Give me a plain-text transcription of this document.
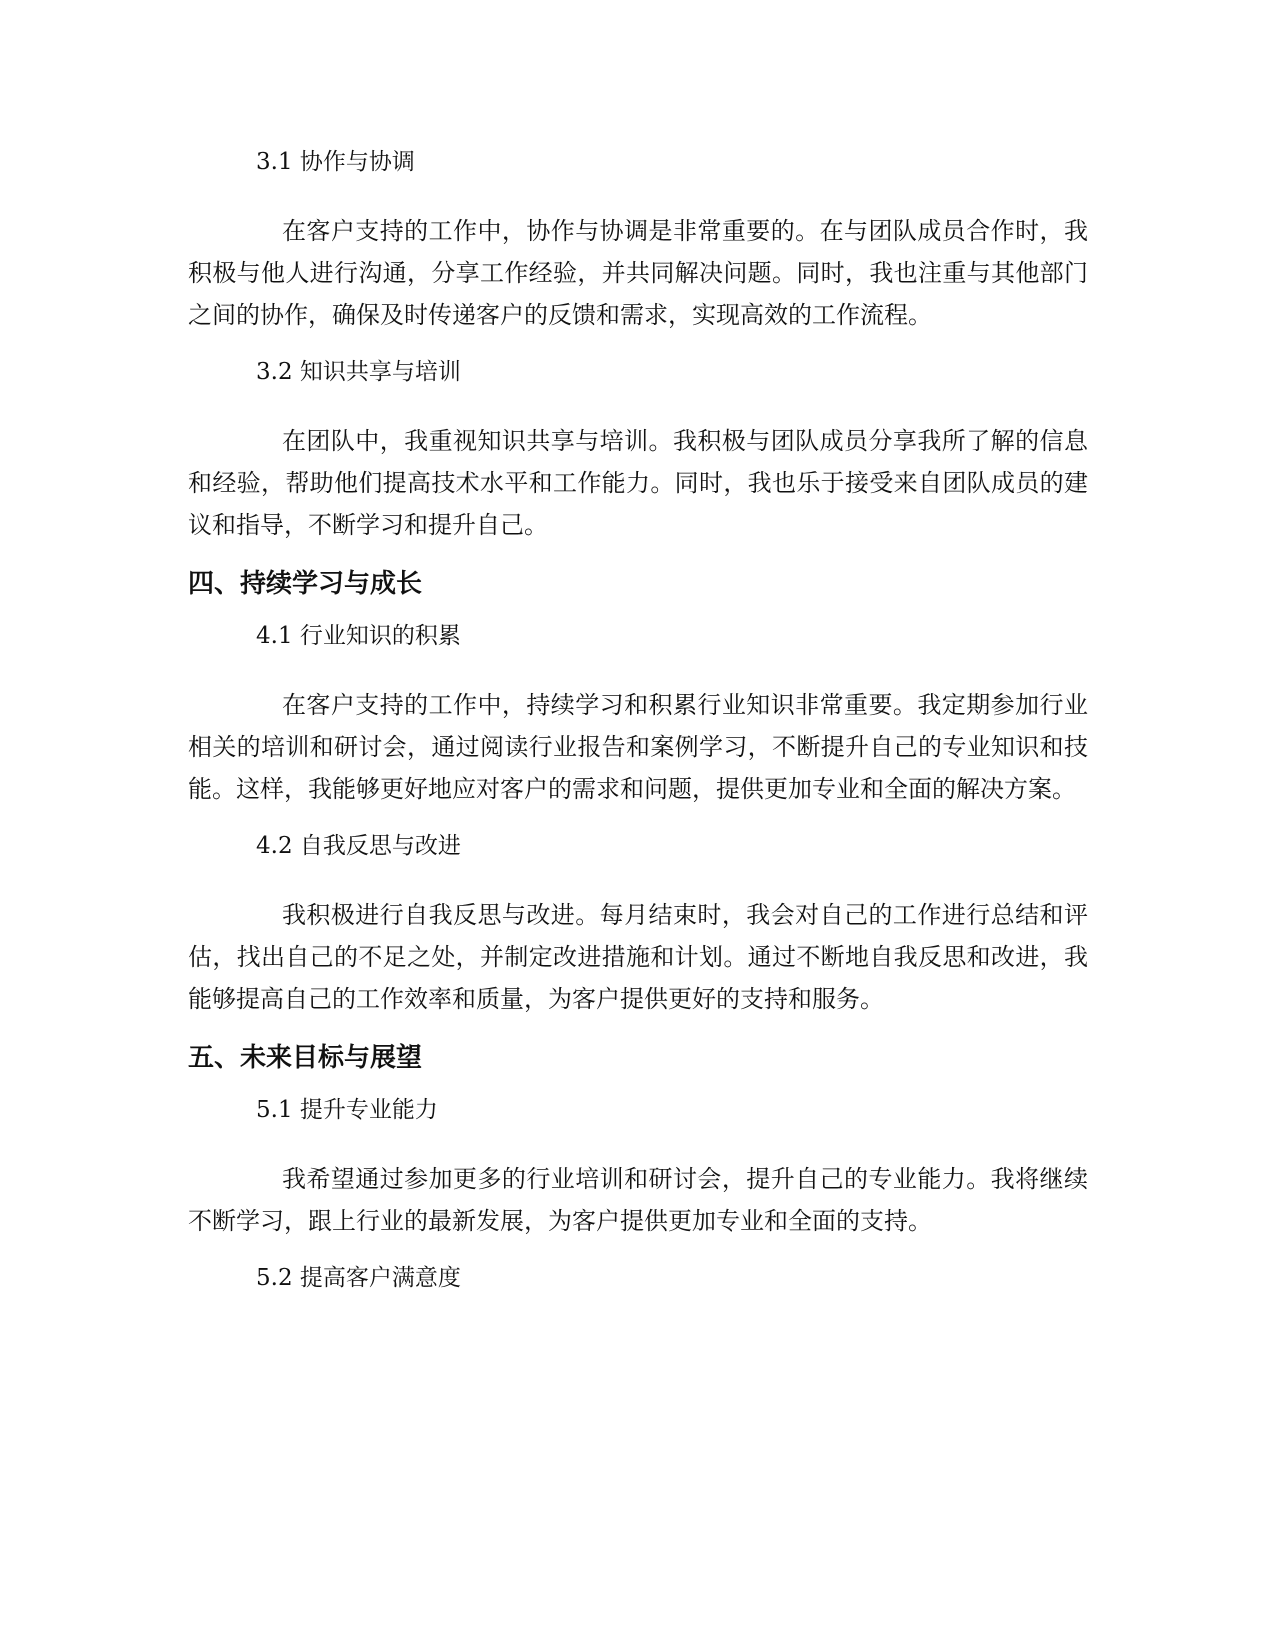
3.1 协作与协调

在客户支持的工作中，协作与协调是非常重要的。在与团队成员合作时，我积极与他人进行沟通，分享工作经验，并共同解决问题。同时，我也注重与其他部门之间的协作，确保及时传递客户的反馈和需求，实现高效的工作流程。

3.2 知识共享与培训

在团队中，我重视知识共享与培训。我积极与团队成员分享我所了解的信息和经验，帮助他们提高技术水平和工作能力。同时，我也乐于接受来自团队成员的建议和指导，不断学习和提升自己。

四、持续学习与成长
4.1 行业知识的积累

在客户支持的工作中，持续学习和积累行业知识非常重要。我定期参加行业相关的培训和研讨会，通过阅读行业报告和案例学习，不断提升自己的专业知识和技能。这样，我能够更好地应对客户的需求和问题，提供更加专业和全面的解决方案。

4.2 自我反思与改进

我积极进行自我反思与改进。每月结束时，我会对自己的工作进行总结和评估，找出自己的不足之处，并制定改进措施和计划。通过不断地自我反思和改进，我能够提高自己的工作效率和质量，为客户提供更好的支持和服务。

五、未来目标与展望
5.1 提升专业能力

我希望通过参加更多的行业培训和研讨会，提升自己的专业能力。我将继续不断学习，跟上行业的最新发展，为客户提供更加专业和全面的支持。

5.2 提高客户满意度
